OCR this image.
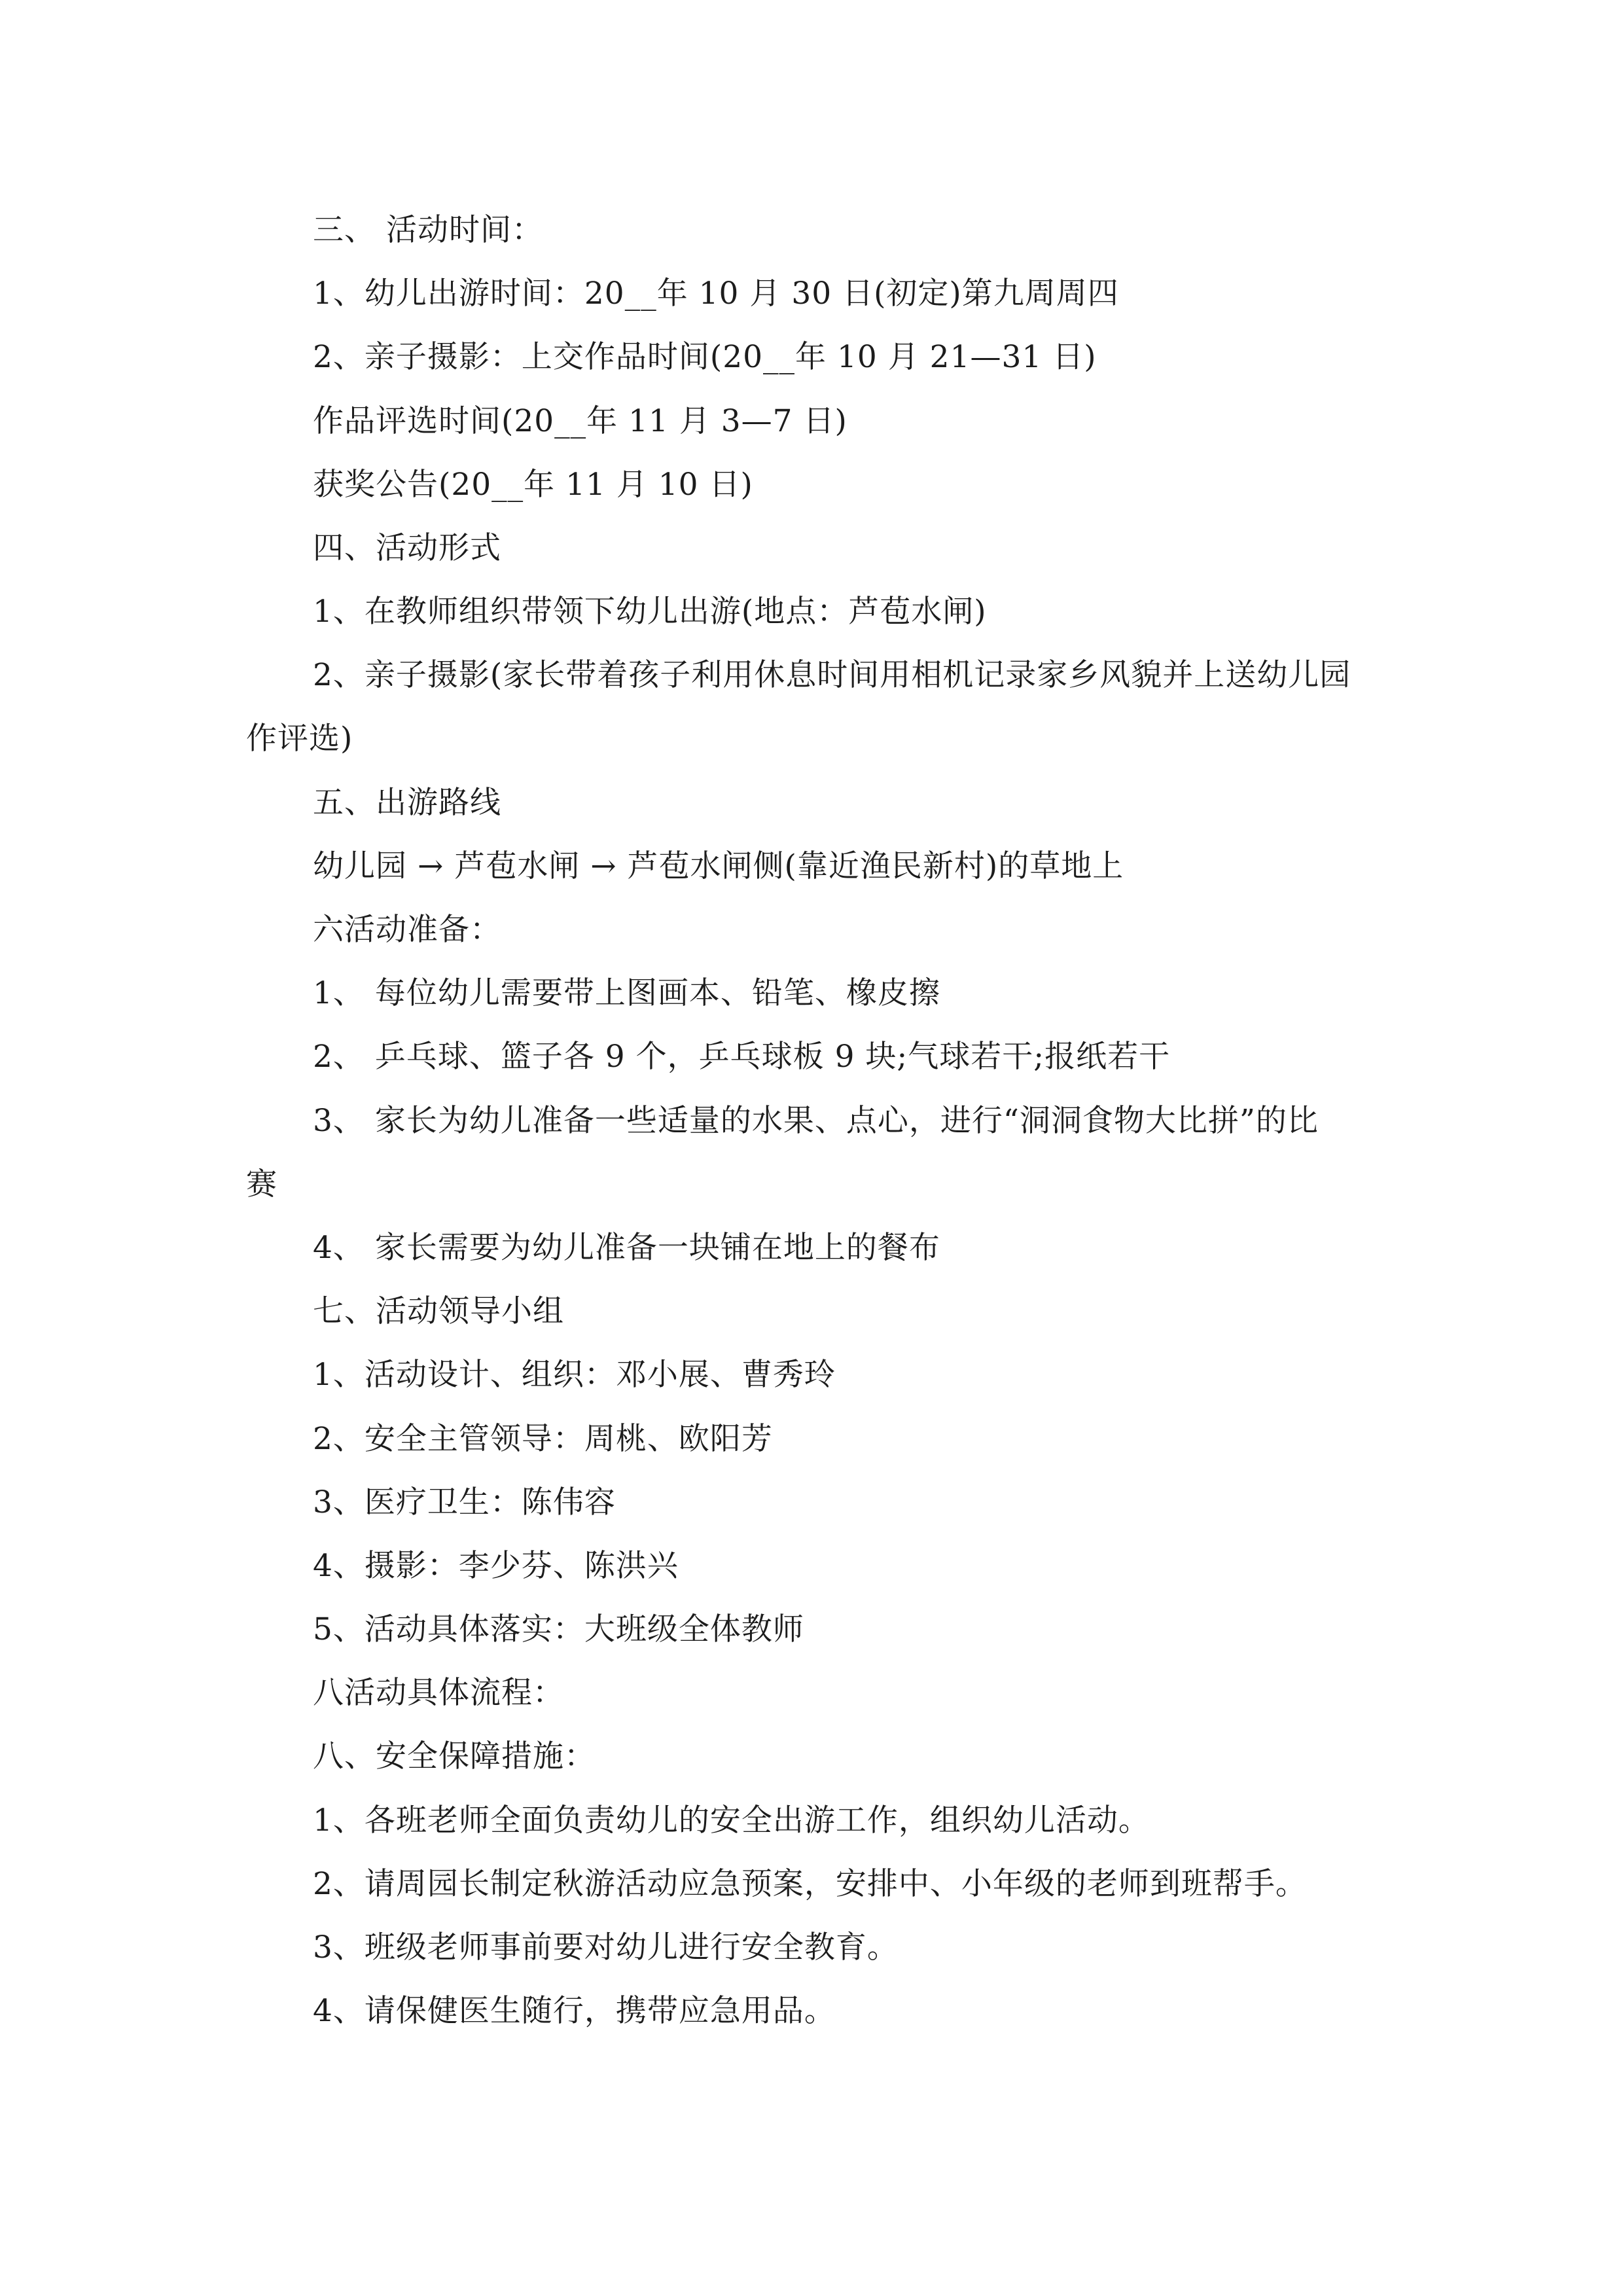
三、 活动时间：
1、幼儿出游时间：20__年 10 月 30 日(初定)第九周周四
2、亲子摄影：上交作品时间(20__年 10 月 21—31 日)
作品评选时间(20__年 11 月 3—7 日)
获奖公告(20__年 11 月 10 日)
四、活动形式
1、在教师组织带领下幼儿出游(地点：芦苞水闸)
2、亲子摄影(家长带着孩子利用休息时间用相机记录家乡风貌并上送幼儿园
作评选)
五、出游路线
幼儿园 → 芦苞水闸 → 芦苞水闸侧(靠近渔民新村)的草地上
六活动准备：
1、 每位幼儿需要带上图画本、铅笔、橡皮擦
2、 乒乓球、篮子各 9 个，乒乓球板 9 块;气球若干;报纸若干
3、 家长为幼儿准备一些适量的水果、点心，进行“洞洞食物大比拼”的比
赛
4、 家长需要为幼儿准备一块铺在地上的餐布
七、活动领导小组
1、活动设计、组织：邓小展、曹秀玲
2、安全主管领导：周桃、欧阳芳
3、医疗卫生：陈伟容
4、摄影：李少芬、陈洪兴
5、活动具体落实：大班级全体教师
八活动具体流程：
八、安全保障措施：
1、各班老师全面负责幼儿的安全出游工作，组织幼儿活动。
2、请周园长制定秋游活动应急预案，安排中、小年级的老师到班帮手。
3、班级老师事前要对幼儿进行安全教育。
4、请保健医生随行，携带应急用品。
